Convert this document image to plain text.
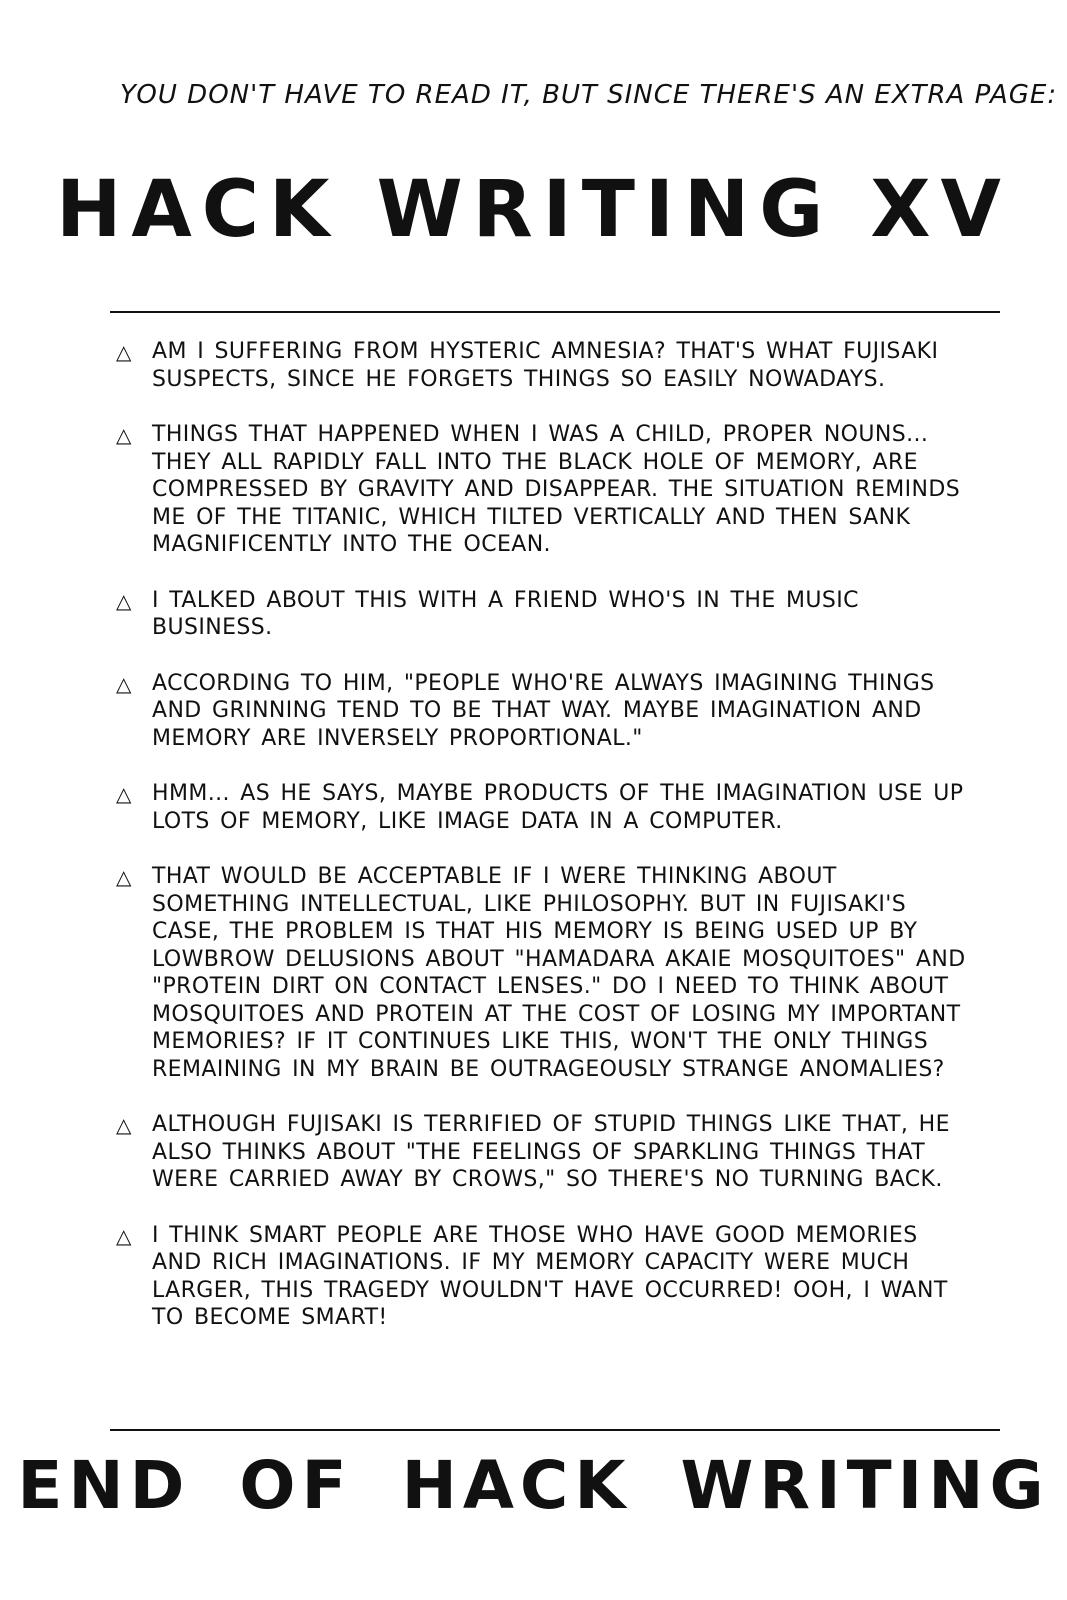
YOU DON'T HAVE TO READ IT, BUT SINCE THERE'S AN EXTRA PAGE:
HACK WRITING XV
△ AM I SUFFERING FROM HYSTERIC AMNESIA? THAT'S WHAT FUJISAKI SUSPECTS, SINCE HE FORGETS THINGS SO EASILY NOWADAYS.
△ THINGS THAT HAPPENED WHEN I WAS A CHILD, PROPER NOUNS... THEY ALL RAPIDLY FALL INTO THE BLACK HOLE OF MEMORY, ARE COMPRESSED BY GRAVITY AND DISAPPEAR. THE SITUATION REMINDS ME OF THE TITANIC, WHICH TILTED VERTICALLY AND THEN SANK MAGNIFICENTLY INTO THE OCEAN.
△ I TALKED ABOUT THIS WITH A FRIEND WHO'S IN THE MUSIC BUSINESS.
△ ACCORDING TO HIM, "PEOPLE WHO'RE ALWAYS IMAGINING THINGS AND GRINNING TEND TO BE THAT WAY. MAYBE IMAGINATION AND MEMORY ARE INVERSELY PROPORTIONAL."
△ HMM... AS HE SAYS, MAYBE PRODUCTS OF THE IMAGINATION USE UP LOTS OF MEMORY, LIKE IMAGE DATA IN A COMPUTER.
△ THAT WOULD BE ACCEPTABLE IF I WERE THINKING ABOUT SOMETHING INTELLECTUAL, LIKE PHILOSOPHY. BUT IN FUJISAKI'S CASE, THE PROBLEM IS THAT HIS MEMORY IS BEING USED UP BY LOWBROW DELUSIONS ABOUT "HAMADARA AKAIE MOSQUITOES" AND "PROTEIN DIRT ON CONTACT LENSES." DO I NEED TO THINK ABOUT MOSQUITOES AND PROTEIN AT THE COST OF LOSING MY IMPORTANT MEMORIES? IF IT CONTINUES LIKE THIS, WON'T THE ONLY THINGS REMAINING IN MY BRAIN BE OUTRAGEOUSLY STRANGE ANOMALIES?
△ ALTHOUGH FUJISAKI IS TERRIFIED OF STUPID THINGS LIKE THAT, HE ALSO THINKS ABOUT "THE FEELINGS OF SPARKLING THINGS THAT WERE CARRIED AWAY BY CROWS," SO THERE'S NO TURNING BACK.
△ I THINK SMART PEOPLE ARE THOSE WHO HAVE GOOD MEMORIES AND RICH IMAGINATIONS. IF MY MEMORY CAPACITY WERE MUCH LARGER, THIS TRAGEDY WOULDN'T HAVE OCCURRED! OOH, I WANT TO BECOME SMART!
END OF HACK WRITING
